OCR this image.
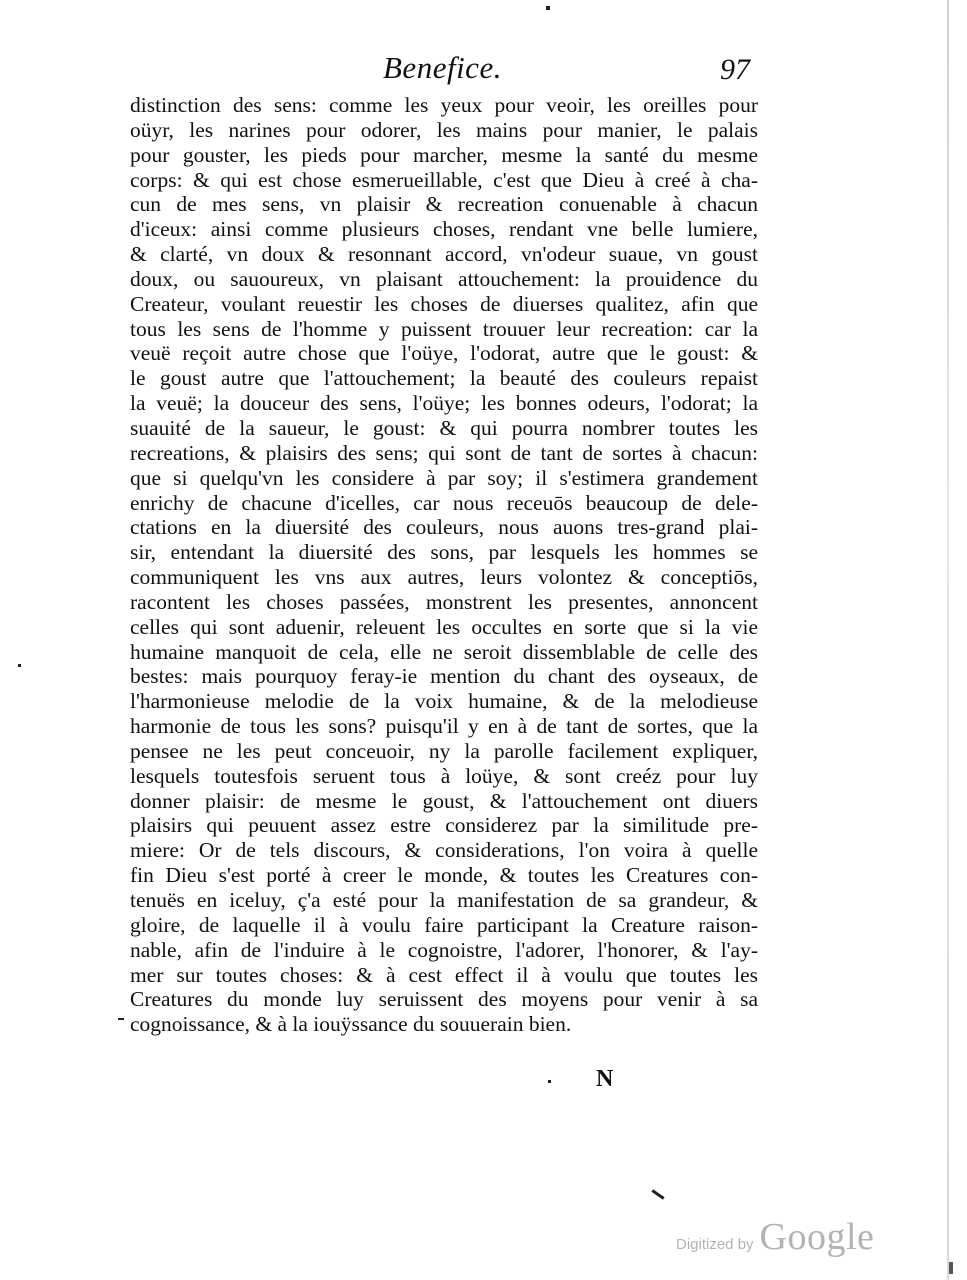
Benefice.	97
distinction des sens: comme les yeux pour veoir, les oreilles pour
oüyr, les narines pour odorer, les mains pour manier, le palais
pour gouster, les pieds pour marcher, mesme la santé du mesme
corps: & qui est chose esmerueillable, c'est que Dieu à creé à cha-
cun de mes sens, vn plaisir & recreation conuenable à chacun
d'iceux: ainsi comme plusieurs choses, rendant vne belle lumiere,
& clarté, vn doux & resonnant accord, vn'odeur suaue, vn goust
doux, ou sauoureux, vn plaisant attouchement: la prouidence du
Createur, voulant reuestir les choses de diuerses qualitez, afin que
tous les sens de l'homme y puissent trouuer leur recreation: car la
veuë reçoit autre chose que l'oüye, l'odorat, autre que le goust: &
le goust autre que l'attouchement; la beauté des couleurs repaist
la veuë; la douceur des sens, l'oüye; les bonnes odeurs, l'odorat; la
suauité de la saueur, le goust: & qui pourra nombrer toutes les
recreations, & plaisirs des sens; qui sont de tant de sortes à chacun:
que si quelqu'vn les considere à par soy; il s'estimera grandement
enrichy de chacune d'icelles, car nous receuōs beaucoup de dele-
ctations en la diuersité des couleurs, nous auons tres-grand plai-
sir, entendant la diuersité des sons, par lesquels les hommes se
communiquent les vns aux autres, leurs volontez & conceptiōs,
racontent les choses passées, monstrent les presentes, annoncent
celles qui sont aduenir, releuent les occultes en sorte que si la vie
humaine manquoit de cela, elle ne seroit dissemblable de celle des
bestes: mais pourquoy feray-ie mention du chant des oyseaux, de
l'harmonieuse melodie de la voix humaine, & de la melodieuse
harmonie de tous les sons? puisqu'il y en à de tant de sortes, que la
pensee ne les peut conceuoir, ny la parolle facilement expliquer,
lesquels toutesfois seruent tous à loüye, & sont creéz pour luy
donner plaisir: de mesme le goust, & l'attouchement ont diuers
plaisirs qui peuuent assez estre considerez par la similitude pre-
miere: Or de tels discours, & considerations, l'on voira à quelle
fin Dieu s'est porté à creer le monde, & toutes les Creatures con-
tenuës en iceluy, ç'a esté pour la manifestation de sa grandeur, &
gloire, de laquelle il à voulu faire participant la Creature raison-
nable, afin de l'induire à le cognoistre, l'adorer, l'honorer, & l'ay-
mer sur toutes choses: & à cest effect il à voulu que toutes les
Creatures du monde luy seruissent des moyens pour venir à sa
cognoissance, & à la iouÿssance du souuerain bien.
N
Digitized by Google
